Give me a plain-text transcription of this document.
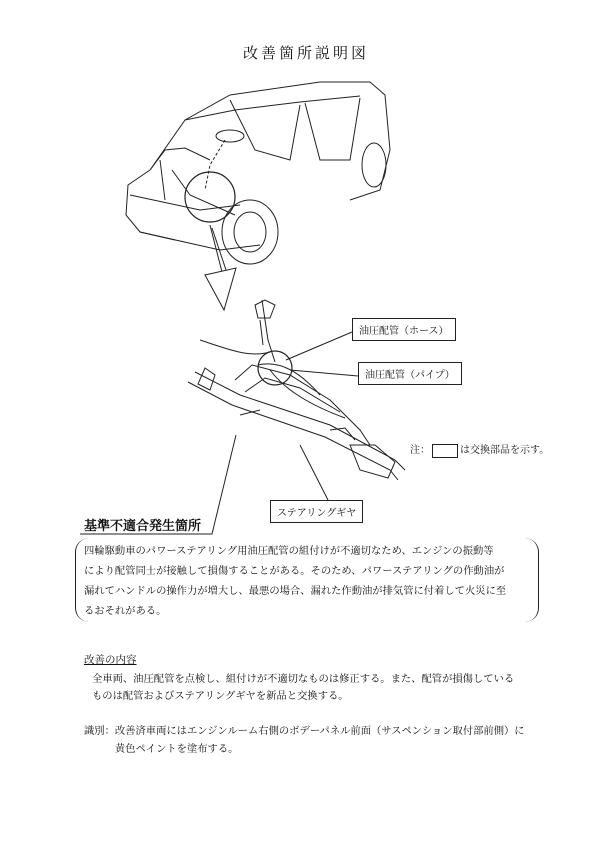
改善箇所説明図
油圧配管（ホース）
油圧配管（パイプ）
ステアリングギヤ
注：	は交換部品を示す。
基準不適合発生箇所
四輪駆動車のパワーステアリング用油圧配管の組付けが不適切なため、エンジンの振動等
により配管同士が接触して損傷することがある。そのため、パワーステアリングの作動油が
漏れてハンドルの操作力が増大し、最悪の場合、漏れた作動油が排気管に付着して火災に至
るおそれがある。
改善の内容
全車両、油圧配管を点検し、組付けが不適切なものは修正する。また、配管が損傷している
ものは配管およびステアリングギヤを新品と交換する。
識別：改善済車両にはエンジンルーム右側のボデーパネル前面（サスペンション取付部前側）に
　　　黄色ペイントを塗布する。
